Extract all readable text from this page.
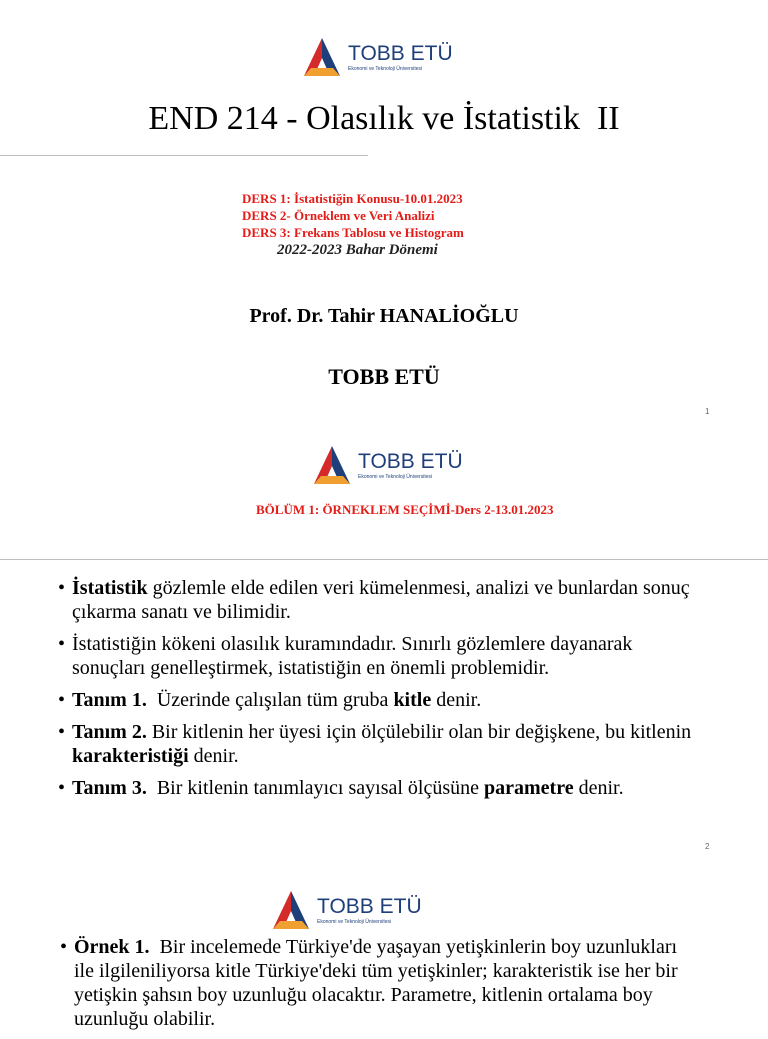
TOBB ETÜ
Ekonomi ve Teknoloji Üniversitesi
END 214 - Olasılık ve İstatistik  II
DERS 1: İstatistiğin Konusu-10.01.2023
DERS 2- Örneklem ve Veri Analizi
DERS 3: Frekans Tablosu ve Histogram
2022-2023 Bahar Dönemi
Prof. Dr. Tahir HANALİOĞLU
TOBB ETÜ
1
TOBB ETÜ
Ekonomi ve Teknoloji Üniversitesi
BÖLÜM 1: ÖRNEKLEM SEÇİMİ-Ders 2-13.01.2023
• İstatistik gözlemle elde edilen veri kümelenmesi, analizi ve bunlardan sonuç çıkarma sanatı ve bilimidir.
• İstatistiğin kökeni olasılık kuramındadır. Sınırlı gözlemlere dayanarak sonuçları genelleştirmek, istatistiğin en önemli problemidir.
• Tanım 1.  Üzerinde çalışılan tüm gruba kitle denir.
• Tanım 2. Bir kitlenin her üyesi için ölçülebilir olan bir değişkene, bu kitlenin karakteristiği denir.
• Tanım 3.  Bir kitlenin tanımlayıcı sayısal ölçüsüne parametre denir.
2
TOBB ETÜ
Ekonomi ve Teknoloji Üniversitesi
• Örnek 1.  Bir incelemede Türkiye'de yaşayan yetişkinlerin boy uzunlukları ile ilgileniliyorsa kitle Türkiye'deki tüm yetişkinler; karakteristik ise her bir yetişkin şahsın boy uzunluğu olacaktır. Parametre, kitlenin ortalama boy uzunluğu olabilir.
